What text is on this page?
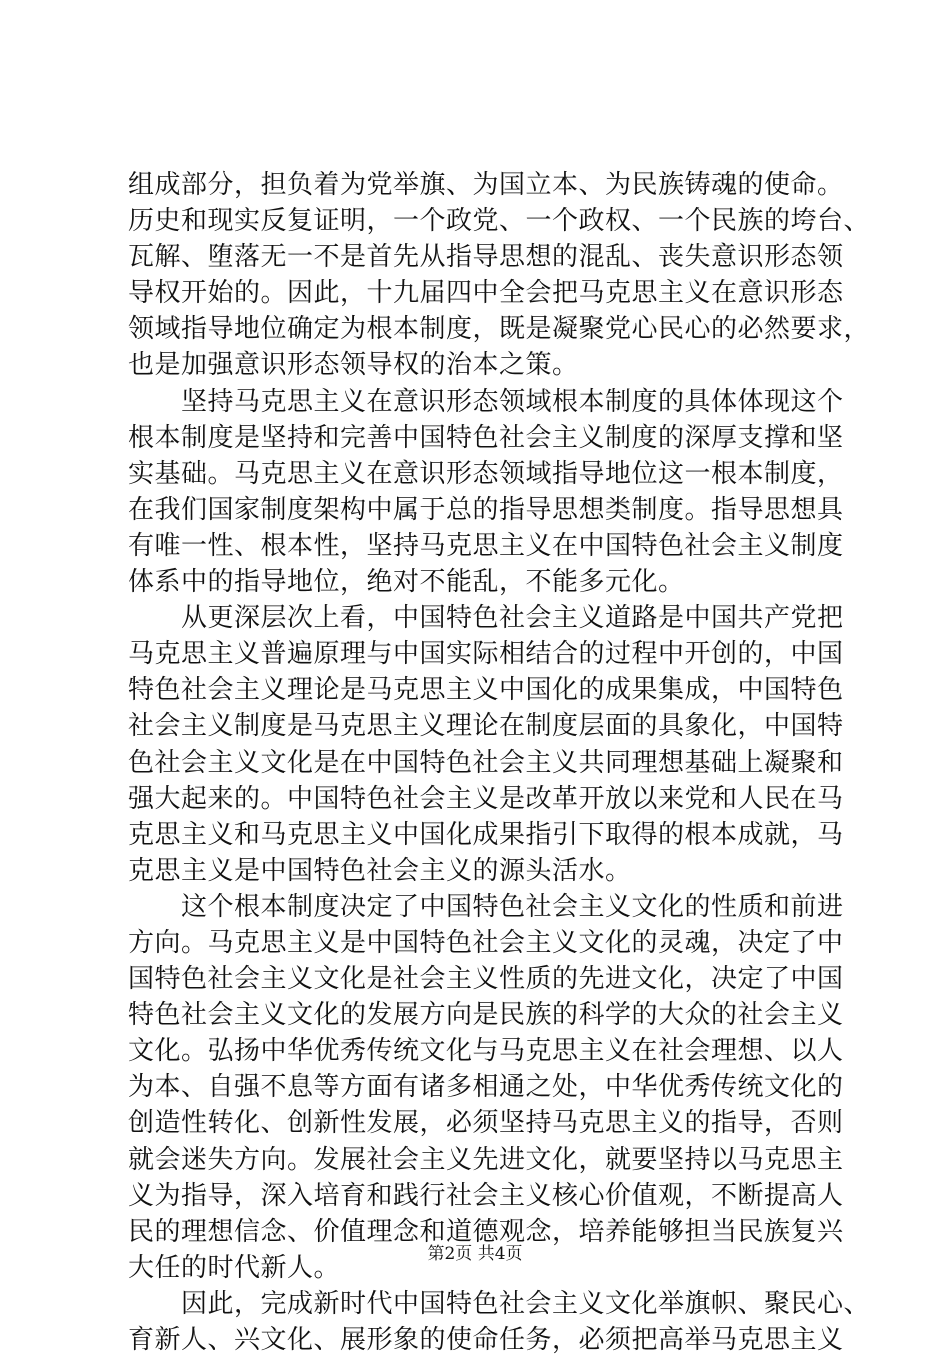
组成部分，担负着为党举旗、为国立本、为民族铸魂的使命。
历史和现实反复证明，一个政党、一个政权、一个民族的垮台、
瓦解、堕落无一不是首先从指导思想的混乱、丧失意识形态领
导权开始的。因此，十九届四中全会把马克思主义在意识形态
领域指导地位确定为根本制度，既是凝聚党心民心的必然要求，
也是加强意识形态领导权的治本之策。
坚持马克思主义在意识形态领域根本制度的具体体现这个
根本制度是坚持和完善中国特色社会主义制度的深厚支撑和坚
实基础。马克思主义在意识形态领域指导地位这一根本制度，
在我们国家制度架构中属于总的指导思想类制度。指导思想具
有唯一性、根本性，坚持马克思主义在中国特色社会主义制度
体系中的指导地位，绝对不能乱，不能多元化。
从更深层次上看，中国特色社会主义道路是中国共产党把
马克思主义普遍原理与中国实际相结合的过程中开创的，中国
特色社会主义理论是马克思主义中国化的成果集成，中国特色
社会主义制度是马克思主义理论在制度层面的具象化，中国特
色社会主义文化是在中国特色社会主义共同理想基础上凝聚和
强大起来的。中国特色社会主义是改革开放以来党和人民在马
克思主义和马克思主义中国化成果指引下取得的根本成就，马
克思主义是中国特色社会主义的源头活水。
这个根本制度决定了中国特色社会主义文化的性质和前进
方向。马克思主义是中国特色社会主义文化的灵魂，决定了中
国特色社会主义文化是社会主义性质的先进文化，决定了中国
特色社会主义文化的发展方向是民族的科学的大众的社会主义
文化。弘扬中华优秀传统文化与马克思主义在社会理想、以人
为本、自强不息等方面有诸多相通之处，中华优秀传统文化的
创造性转化、创新性发展，必须坚持马克思主义的指导，否则
就会迷失方向。发展社会主义先进文化，就要坚持以马克思主
义为指导，深入培育和践行社会主义核心价值观，不断提高人
民的理想信念、价值理念和道德观念，培养能够担当民族复兴
大任的时代新人。
因此，完成新时代中国特色社会主义文化举旗帜、聚民心、
育新人、兴文化、展形象的使命任务，必须把高举马克思主义
第2页 共4页
